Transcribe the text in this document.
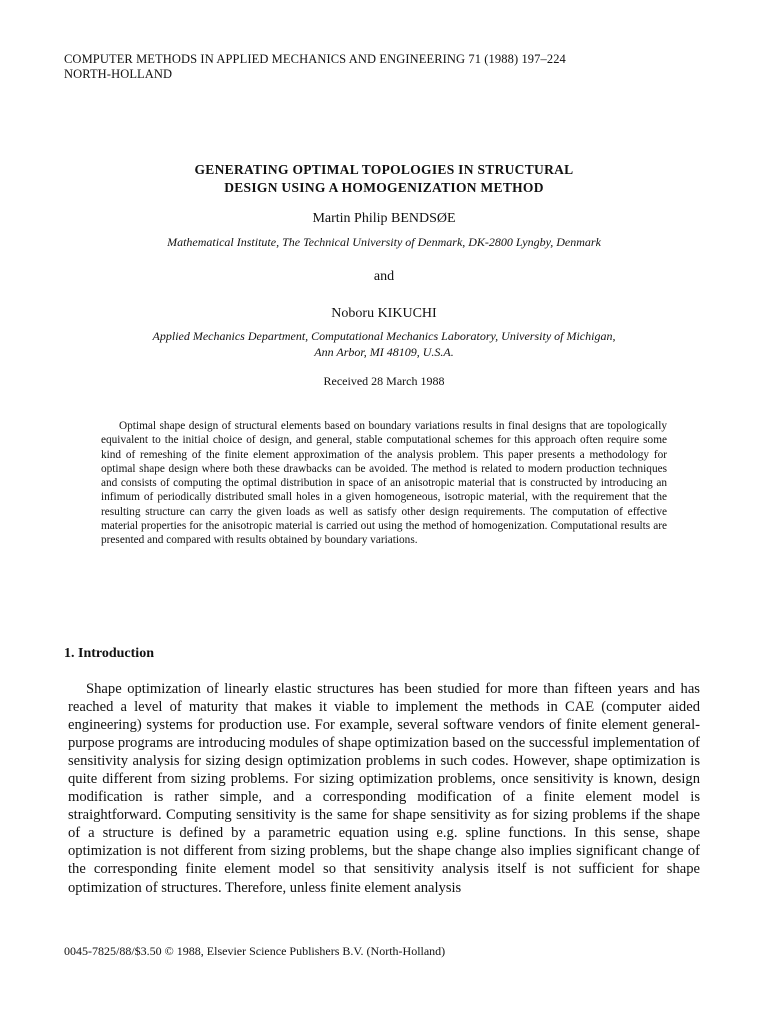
COMPUTER METHODS IN APPLIED MECHANICS AND ENGINEERING 71 (1988) 197–224
NORTH-HOLLAND
GENERATING OPTIMAL TOPOLOGIES IN STRUCTURAL
DESIGN USING A HOMOGENIZATION METHOD
Martin Philip BENDSØE
Mathematical Institute, The Technical University of Denmark, DK-2800 Lyngby, Denmark
and
Noboru KIKUCHI
Applied Mechanics Department, Computational Mechanics Laboratory, University of Michigan,
Ann Arbor, MI 48109, U.S.A.
Received 28 March 1988

Optimal shape design of structural elements based on boundary variations results in final designs that are topologically equivalent to the initial choice of design, and general, stable computational schemes for this approach often require some kind of remeshing of the finite element approximation of the analysis problem. This paper presents a methodology for optimal shape design where both these drawbacks can be avoided. The method is related to modern production techniques and consists of computing the optimal distribution in space of an anisotropic material that is constructed by introducing an infimum of periodically distributed small holes in a given homogeneous, isotropic material, with the requirement that the resulting structure can carry the given loads as well as satisfy other design requirements. The computation of effective material properties for the anisotropic material is carried out using the method of homogenization. Computational results are presented and compared with results obtained by boundary variations.

1. Introduction

Shape optimization of linearly elastic structures has been studied for more than fifteen years and has reached a level of maturity that makes it viable to implement the methods in CAE (computer aided engineering) systems for production use. For example, several software vendors of finite element general-purpose programs are introducing modules of shape optimization based on the successful implementation of sensitivity analysis for sizing design optimization problems in such codes. However, shape optimization is quite different from sizing problems. For sizing optimization problems, once sensitivity is known, design modification is rather simple, and a corresponding modification of a finite element model is straightforward. Computing sensitivity is the same for shape sensitivity as for sizing problems if the shape of a structure is defined by a parametric equation using e.g. spline functions. In this sense, shape optimization is not different from sizing problems, but the shape change also implies significant change of the corresponding finite element model so that sensitivity analysis itself is not sufficient for shape optimization of structures. Therefore, unless finite element analysis

0045-7825/88/$3.50 © 1988, Elsevier Science Publishers B.V. (North-Holland)
